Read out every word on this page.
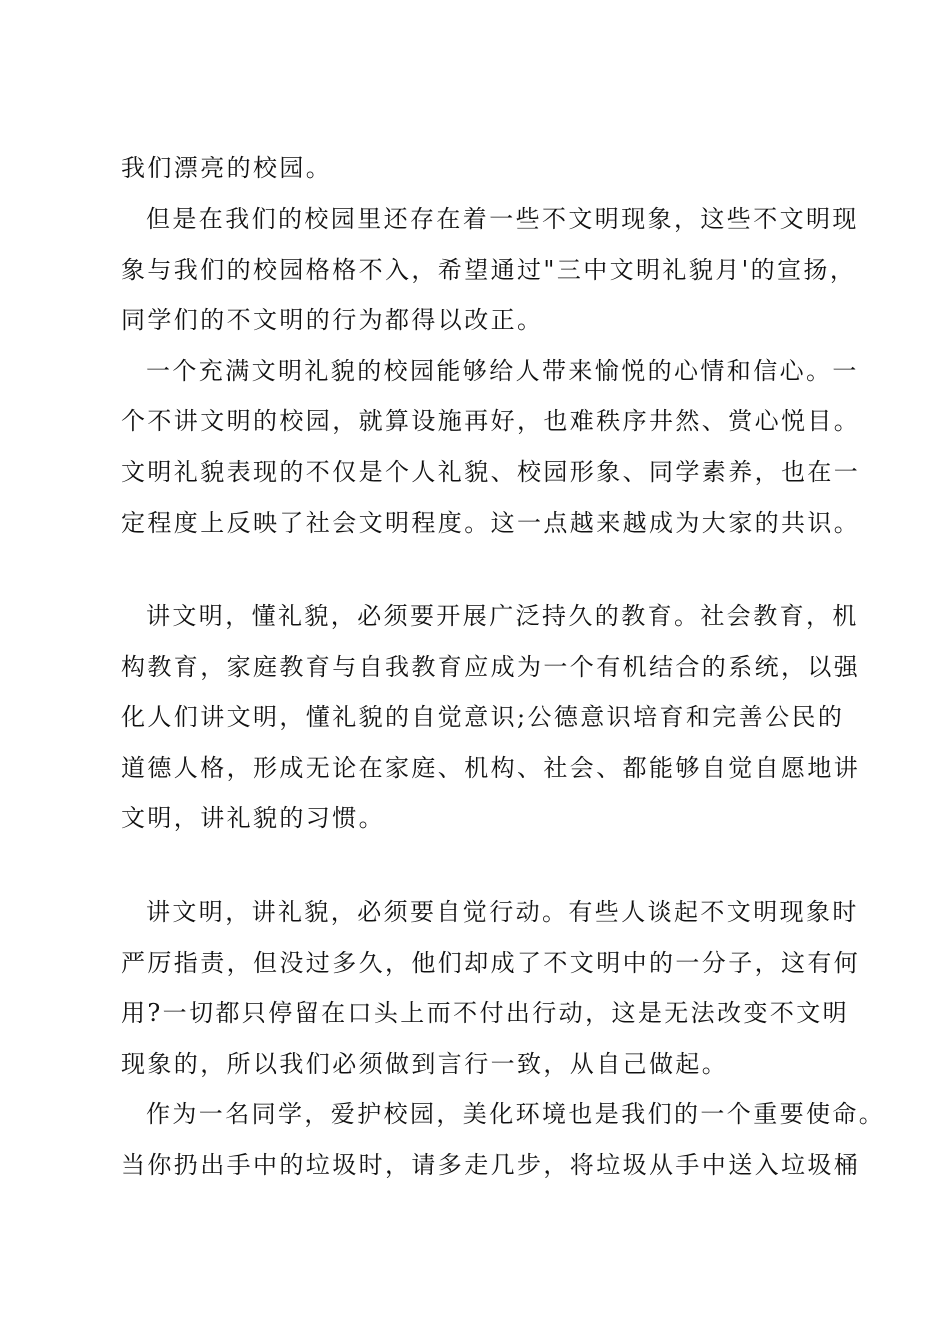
我们漂亮的校园。
但是在我们的校园里还存在着一些不文明现象，这些不文明现
象与我们的校园格格不入，希望通过"三中文明礼貌月'的宣扬，
同学们的不文明的行为都得以改正。
一个充满文明礼貌的校园能够给人带来愉悦的心情和信心。一
个不讲文明的校园，就算设施再好，也难秩序井然、赏心悦目。
文明礼貌表现的不仅是个人礼貌、校园形象、同学素养，也在一
定程度上反映了社会文明程度。这一点越来越成为大家的共识。
讲文明，懂礼貌，必须要开展广泛持久的教育。社会教育，机
构教育，家庭教育与自我教育应成为一个有机结合的系统，以强
化人们讲文明，懂礼貌的自觉意识;公德意识培育和完善公民的
道德人格，形成无论在家庭、机构、社会、都能够自觉自愿地讲
文明，讲礼貌的习惯。
讲文明，讲礼貌，必须要自觉行动。有些人谈起不文明现象时
严厉指责，但没过多久，他们却成了不文明中的一分子，这有何
用?一切都只停留在口头上而不付出行动，这是无法改变不文明
现象的，所以我们必须做到言行一致，从自己做起。
作为一名同学，爱护校园，美化环境也是我们的一个重要使命。
当你扔出手中的垃圾时，请多走几步，将垃圾从手中送入垃圾桶
